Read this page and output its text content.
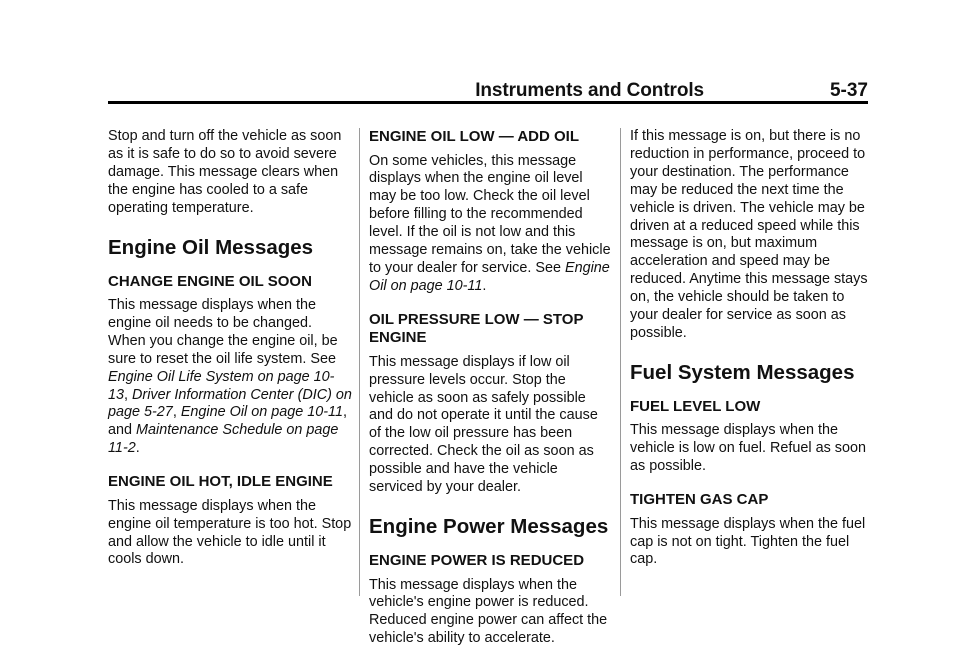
Instruments and Controls	5-37

Stop and turn off the vehicle as soon as it is safe to do so to avoid severe damage. This message clears when the engine has cooled to a safe operating temperature.

Engine Oil Messages
CHANGE ENGINE OIL SOON

This message displays when the engine oil needs to be changed. When you change the engine oil, be sure to reset the oil life system. See Engine Oil Life System on page 10-13, Driver Information Center (DIC) on page 5-27, Engine Oil on page 10-11, and Maintenance Schedule on page 11-2.

ENGINE OIL HOT, IDLE ENGINE

This message displays when the engine oil temperature is too hot. Stop and allow the vehicle to idle until it cools down.

ENGINE OIL LOW — ADD OIL

On some vehicles, this message displays when the engine oil level may be too low. Check the oil level before filling to the recommended level. If the oil is not low and this message remains on, take the vehicle to your dealer for service. See Engine Oil on page 10-11.

OIL PRESSURE LOW — STOP ENGINE

This message displays if low oil pressure levels occur. Stop the vehicle as soon as safely possible and do not operate it until the cause of the low oil pressure has been corrected. Check the oil as soon as possible and have the vehicle serviced by your dealer.

Engine Power Messages
ENGINE POWER IS REDUCED

This message displays when the vehicle's engine power is reduced. Reduced engine power can affect the vehicle's ability to accelerate.

If this message is on, but there is no reduction in performance, proceed to your destination. The performance may be reduced the next time the vehicle is driven. The vehicle may be driven at a reduced speed while this message is on, but maximum acceleration and speed may be reduced. Anytime this message stays on, the vehicle should be taken to your dealer for service as soon as possible.

Fuel System Messages
FUEL LEVEL LOW

This message displays when the vehicle is low on fuel. Refuel as soon as possible.

TIGHTEN GAS CAP

This message displays when the fuel cap is not on tight. Tighten the fuel cap.
